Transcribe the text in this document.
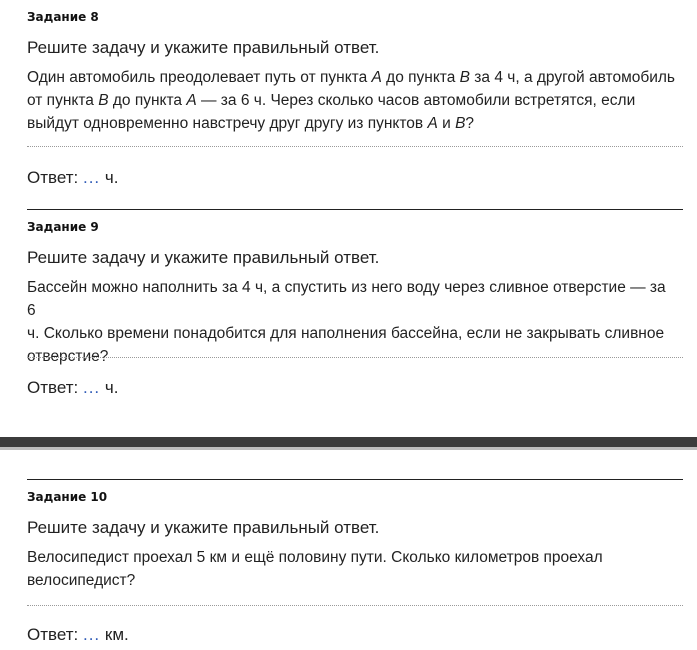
Задание 8

Решите задачу и укажите правильный ответ.

Один автомобиль преодолевает путь от пункта A до пункта B за 4 ч, а другой автомобиль
от пункта B до пункта A — за 6 ч. Через сколько часов автомобили встретятся, если
выйдут одновременно навстречу друг другу из пунктов A и B?
Ответ: ... ч.

Задание 9

Решите задачу и укажите правильный ответ.

Бассейн можно наполнить за 4 ч, а спустить из него воду через сливное отверстие — за 6
ч. Сколько времени понадобится для наполнения бассейна, если не закрывать сливное
отверстие?
Ответ: ... ч.

Задание 10

Решите задачу и укажите правильный ответ.

Велосипедист проехал 5 км и ещё половину пути. Сколько километров проехал
велосипедист?
Ответ: ... км.
